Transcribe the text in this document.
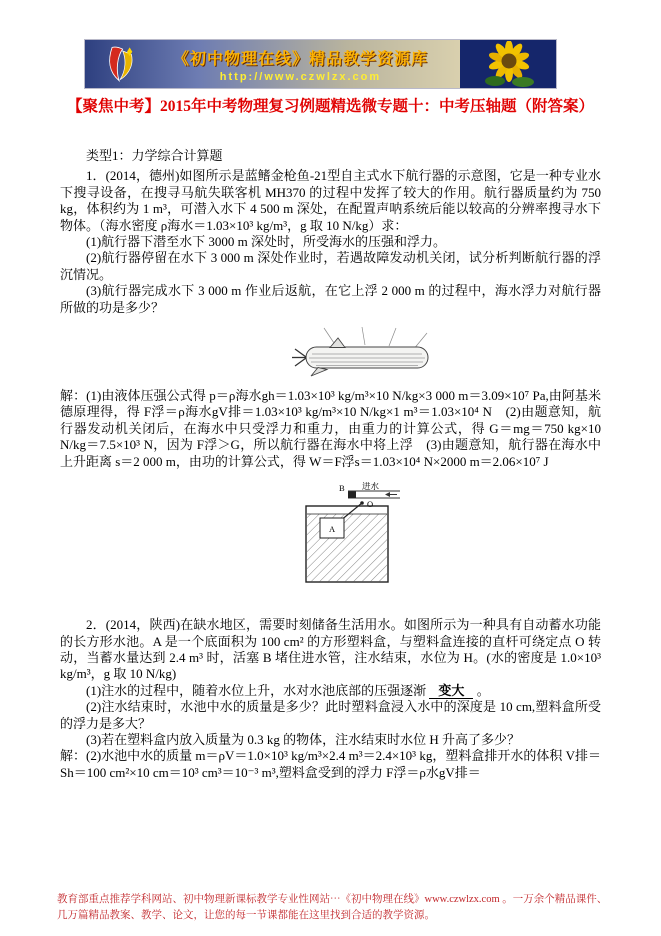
《初中物理在线》精品教学资源库
http://www.czwlzx.com
【聚焦中考】2015年中考物理复习例题精选微专题十：中考压轴题（附答案）

类型1：力学综合计算题

1．(2014，德州)如图所示是蓝鳍金枪鱼-21型自主式水下航行器的示意图，它是一种专业水下搜寻设备，在搜寻马航失联客机 MH370 的过程中发挥了较大的作用。航行器质量约为 750 kg，体积约为 1 m³，可潜入水下 4 500 m 深处，在配置声呐系统后能以较高的分辨率搜寻水下物体。（海水密度 ρ海水＝1.03×10³ kg/m³，g 取 10 N/kg）求：

(1)航行器下潜至水下 3000 m 深处时，所受海水的压强和浮力。

(2)航行器停留在水下 3 000 m 深处作业时，若遇故障发动机关闭，试分析判断航行器的浮沉情况。

(3)航行器完成水下 3 000 m 作业后返航，在它上浮 2 000 m 的过程中，海水浮力对航行器所做的功是多少？

解：(1)由液体压强公式得 p＝ρ海水gh＝1.03×10³ kg/m³×10 N/kg×3 000 m＝3.09×10⁷ Pa,由阿基米德原理得，得 F浮＝ρ海水gV排＝1.03×10³ kg/m³×10 N/kg×1 m³＝1.03×10⁴ N　(2)由题意知，航行器发动机关闭后，在海水中只受浮力和重力，由重力的计算公式，得 G＝mg＝750 kg×10 N/kg＝7.5×10³ N，因为 F浮＞G，所以航行器在海水中将上浮　(3)由题意知，航行器在海水中上升距离 s＝2 000 m，由功的计算公式，得 W＝F浮s＝1.03×10⁴ N×2000 m＝2.06×10⁷ J

进水
B
O
A

2．(2014，陕西)在缺水地区，需要时刻储备生活用水。如图所示为一种具有自动蓄水功能的长方形水池。A 是一个底面积为 100 cm² 的方形塑料盒，与塑料盒连接的直杆可绕定点 O 转动，当蓄水量达到 2.4 m³ 时，活塞 B 堵住进水管，注水结束，水位为 H。(水的密度是 1.0×10³ kg/m³，g 取 10 N/kg)

(1)注水的过程中，随着水位上升，水对水池底部的压强逐渐 变大 。

(2)注水结束时，水池中水的质量是多少？此时塑料盒浸入水中的深度是 10 cm,塑料盒所受的浮力是多大？

(3)若在塑料盒内放入质量为 0.3 kg 的物体，注水结束时水位 H 升高了多少？

解：(2)水池中水的质量 m＝ρV＝1.0×10³ kg/m³×2.4 m³＝2.4×10³ kg，塑料盒排开水的体积 V排＝Sh＝100 cm²×10 cm＝10³ cm³＝10⁻³ m³,塑料盒受到的浮力 F浮＝ρ水gV排＝

教育部重点推荐学科网站、初中物理新课标教学专业性网站⋯《初中物理在线》www.czwlzx.com 。一万余个精品课件、
几万篇精品教案、教学、论文，让您的每一节课都能在这里找到合适的教学资源。
